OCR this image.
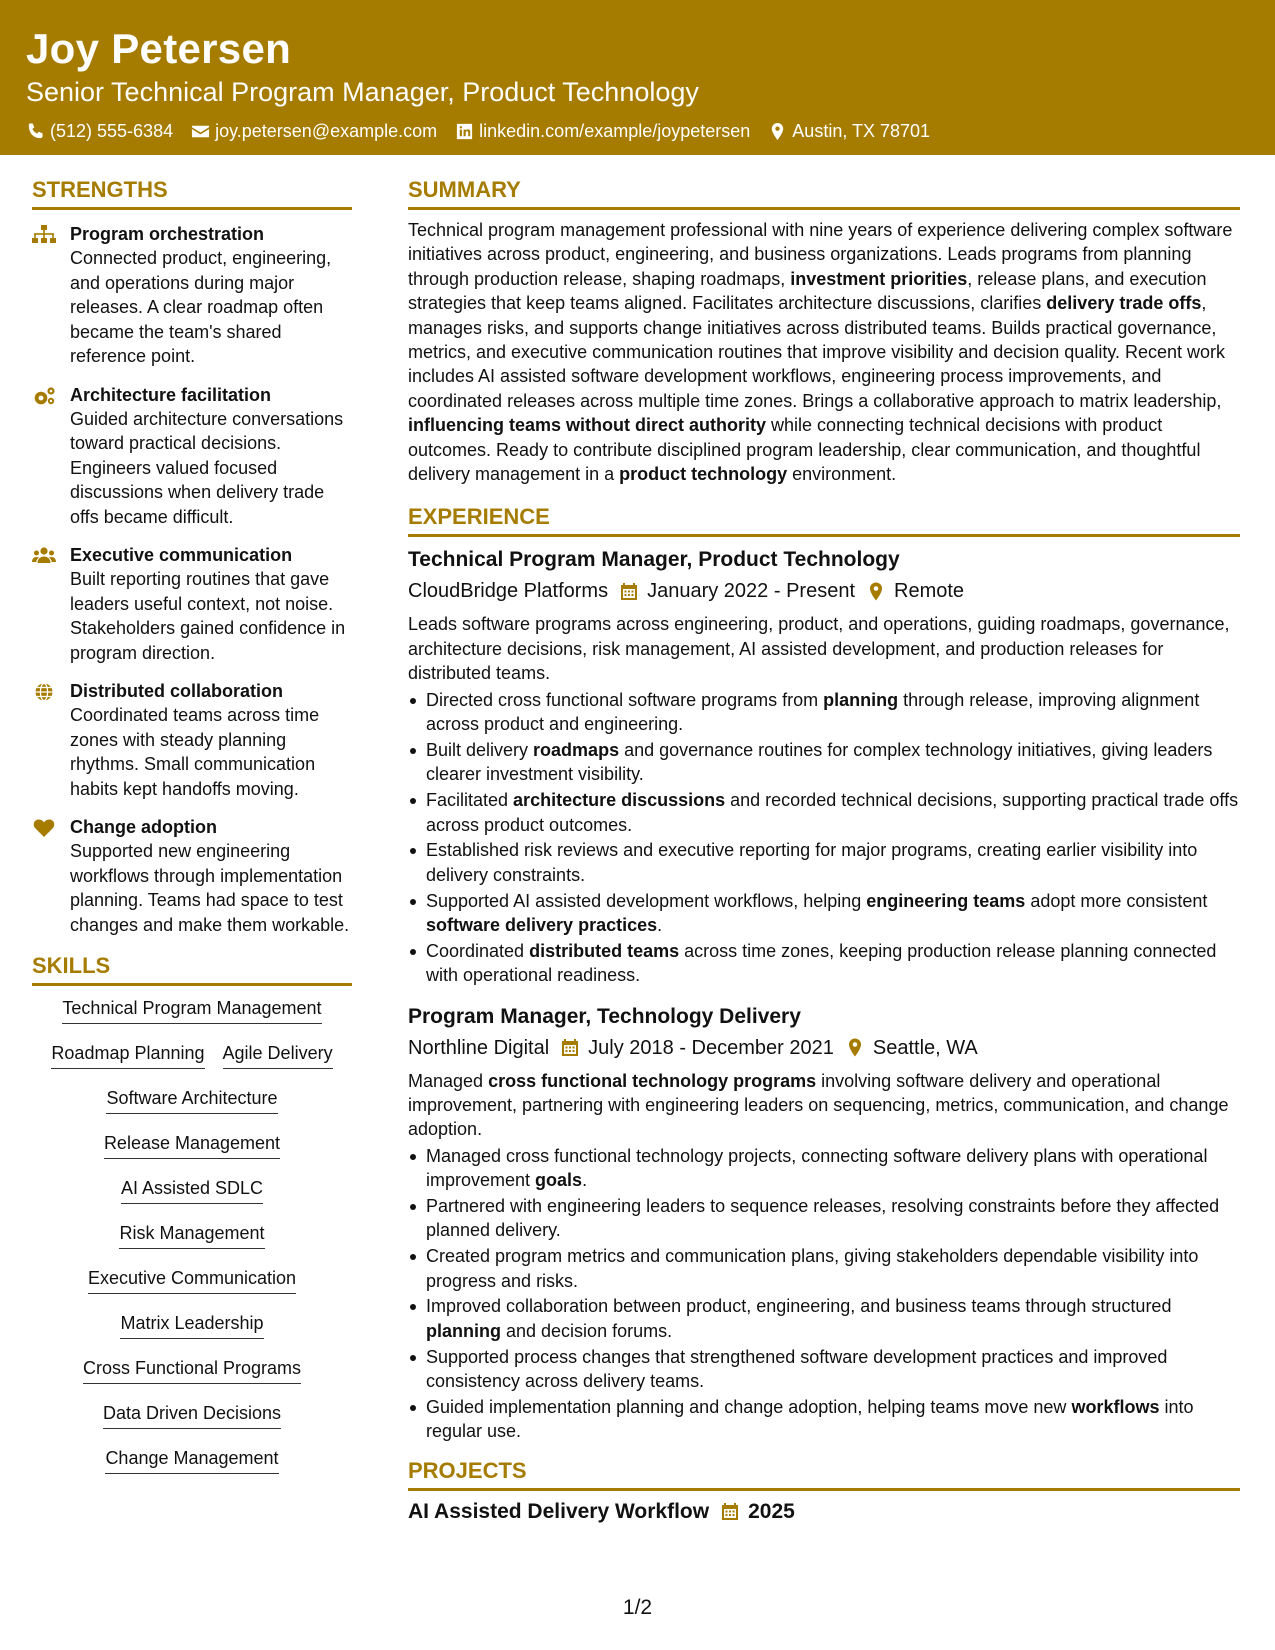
Joy Petersen
Senior Technical Program Manager, Product Technology
(512) 555-6384 joy.petersen@example.com linkedin.com/example/joypetersen Austin, TX 78701
STRENGTHS
Program orchestration
Connected product, engineering, and operations during major releases. A clear roadmap often became the team's shared reference point.
Architecture facilitation
Guided architecture conversations toward practical decisions. Engineers valued focused discussions when delivery trade offs became difficult.
Executive communication
Built reporting routines that gave leaders useful context, not noise. Stakeholders gained confidence in program direction.
Distributed collaboration
Coordinated teams across time zones with steady planning rhythms. Small communication habits kept handoffs moving.
Change adoption
Supported new engineering workflows through implementation planning. Teams had space to test changes and make them workable.
SKILLS
Technical Program Management
Roadmap Planning Agile Delivery
Software Architecture
Release Management
AI Assisted SDLC
Risk Management
Executive Communication
Matrix Leadership
Cross Functional Programs
Data Driven Decisions
Change Management
SUMMARY
Technical program management professional with nine years of experience delivering complex software initiatives across product, engineering, and business organizations. Leads programs from planning through production release, shaping roadmaps, investment priorities, release plans, and execution strategies that keep teams aligned. Facilitates architecture discussions, clarifies delivery trade offs, manages risks, and supports change initiatives across distributed teams. Builds practical governance, metrics, and executive communication routines that improve visibility and decision quality. Recent work includes AI assisted software development workflows, engineering process improvements, and coordinated releases across multiple time zones. Brings a collaborative approach to matrix leadership, influencing teams without direct authority while connecting technical decisions with product outcomes. Ready to contribute disciplined program leadership, clear communication, and thoughtful delivery management in a product technology environment.
EXPERIENCE
Technical Program Manager, Product Technology
CloudBridge Platforms January 2022 - Present Remote
Leads software programs across engineering, product, and operations, guiding roadmaps, governance, architecture decisions, risk management, AI assisted development, and production releases for distributed teams.
Directed cross functional software programs from planning through release, improving alignment across product and engineering.
Built delivery roadmaps and governance routines for complex technology initiatives, giving leaders clearer investment visibility.
Facilitated architecture discussions and recorded technical decisions, supporting practical trade offs across product outcomes.
Established risk reviews and executive reporting for major programs, creating earlier visibility into delivery constraints.
Supported AI assisted development workflows, helping engineering teams adopt more consistent software delivery practices.
Coordinated distributed teams across time zones, keeping production release planning connected with operational readiness.
Program Manager, Technology Delivery
Northline Digital July 2018 - December 2021 Seattle, WA
Managed cross functional technology programs involving software delivery and operational improvement, partnering with engineering leaders on sequencing, metrics, communication, and change adoption.
Managed cross functional technology projects, connecting software delivery plans with operational improvement goals.
Partnered with engineering leaders to sequence releases, resolving constraints before they affected planned delivery.
Created program metrics and communication plans, giving stakeholders dependable visibility into progress and risks.
Improved collaboration between product, engineering, and business teams through structured planning and decision forums.
Supported process changes that strengthened software development practices and improved consistency across delivery teams.
Guided implementation planning and change adoption, helping teams move new workflows into regular use.
PROJECTS
AI Assisted Delivery Workflow 2025
1/2
